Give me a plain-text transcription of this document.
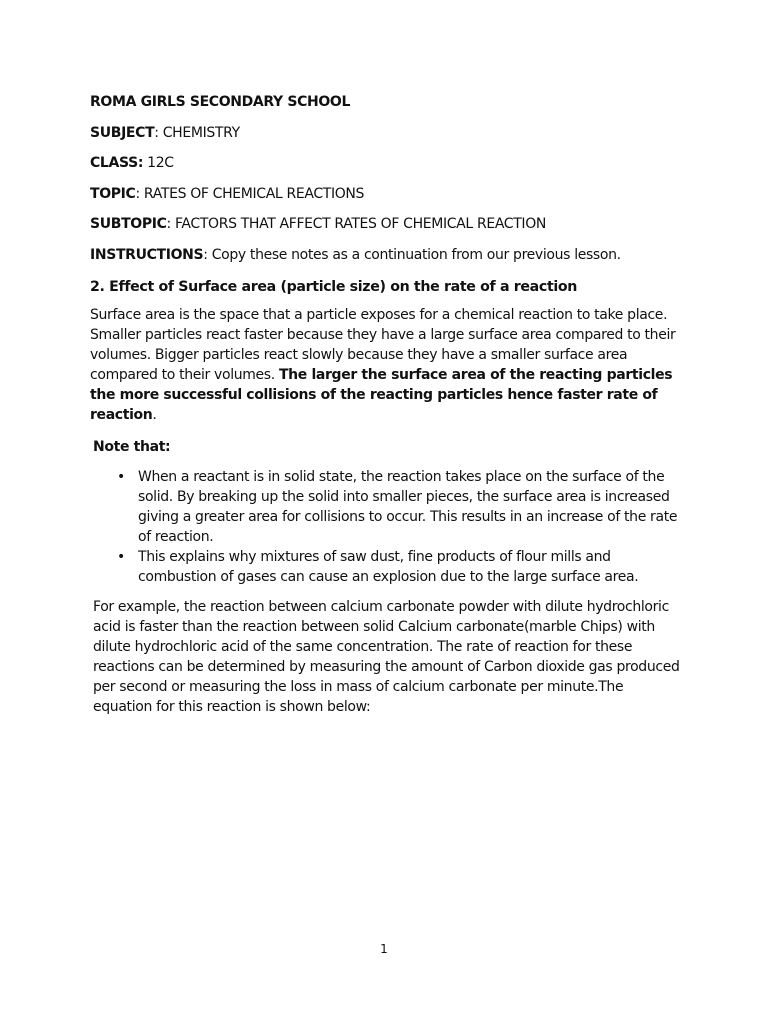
ROMA GIRLS SECONDARY SCHOOL
SUBJECT: CHEMISTRY
CLASS: 12C
TOPIC: RATES OF CHEMICAL REACTIONS
SUBTOPIC: FACTORS THAT AFFECT RATES OF CHEMICAL REACTION
INSTRUCTIONS: Copy these notes as a continuation from our previous lesson.
2. Effect of Surface area (particle size) on the rate of a reaction

Surface area is the space that a particle exposes for a chemical reaction to take place. Smaller particles react faster because they have a large surface area compared to their volumes. Bigger particles react slowly because they have a smaller surface area compared to their volumes. The larger the surface area of the reacting particles the more successful collisions of the reacting particles hence faster rate of reaction.

Note that:
• When a reactant is in solid state, the reaction takes place on the surface of the solid. By breaking up the solid into smaller pieces, the surface area is increased giving a greater area for collisions to occur. This results in an increase of the rate of reaction.
• This explains why mixtures of saw dust, fine products of flour mills and combustion of gases can cause an explosion due to the large surface area.

For example, the reaction between calcium carbonate powder with dilute hydrochloric acid is faster than the reaction between solid Calcium carbonate(marble Chips) with dilute hydrochloric acid of the same concentration. The rate of reaction for these reactions can be determined by measuring the amount of Carbon dioxide gas produced per second or measuring the loss in mass of calcium carbonate per minute.The equation for this reaction is shown below:

1
